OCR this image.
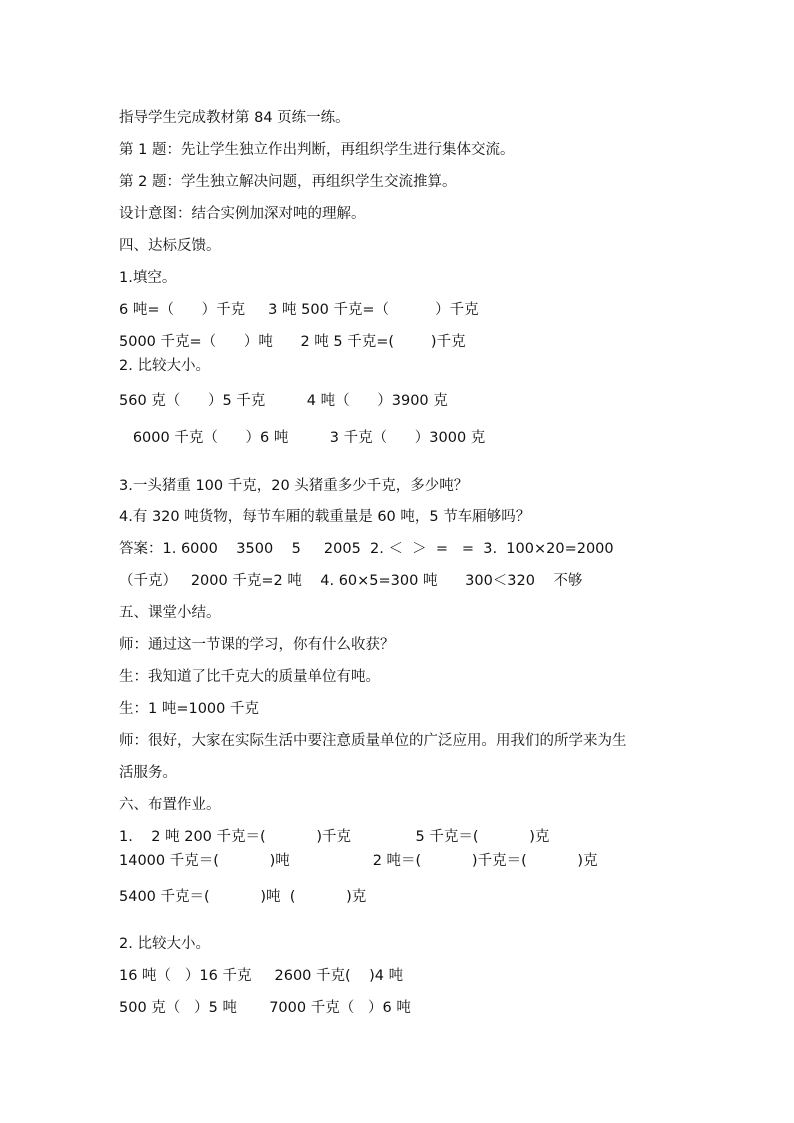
指导学生完成教材第 84 页练一练。
第 1 题：先让学生独立作出判断，再组织学生进行集体交流。
第 2 题：学生独立解决问题，再组织学生交流推算。
设计意图：结合实例加深对吨的理解。
四、达标反馈。
1.填空。
6 吨=（      ）千克     3 吨 500 千克=（          ）千克
5000 千克=（      ）吨      2 吨 5 千克=(        )千克
2. 比较大小。
560 克（      ）5 千克         4 吨（      ）3900 克
6000 千克（      ）6 吨         3 千克（      ）3000 克
3.一头猪重 100 千克，20 头猪重多少千克，多少吨？
4.有 320 吨货物，每节车厢的载重量是 60 吨，5 节车厢够吗？
答案：1. 6000    3500    5     2005  2. ＜  ＞  =   =  3.  100×20=2000
（千克）   2000 千克=2 吨    4. 60×5=300 吨      300＜320    不够
五、课堂小结。
师：通过这一节课的学习，你有什么收获？
生：我知道了比千克大的质量单位有吨。
生：1 吨=1000 千克
师：很好，大家在实际生活中要注意质量单位的广泛应用。用我们的所学来为生
活服务。
六、布置作业。
1.    2 吨 200 千克＝(           )千克              5 千克＝(           )克
14000 千克＝(           )吨                  2 吨＝(           )千克＝(           )克
5400 千克＝(           )吨  (           )克
2. 比较大小。
16 吨（   ）16 千克     2600 千克(    )4 吨
500 克（   ）5 吨       7000 千克（   ）6 吨
